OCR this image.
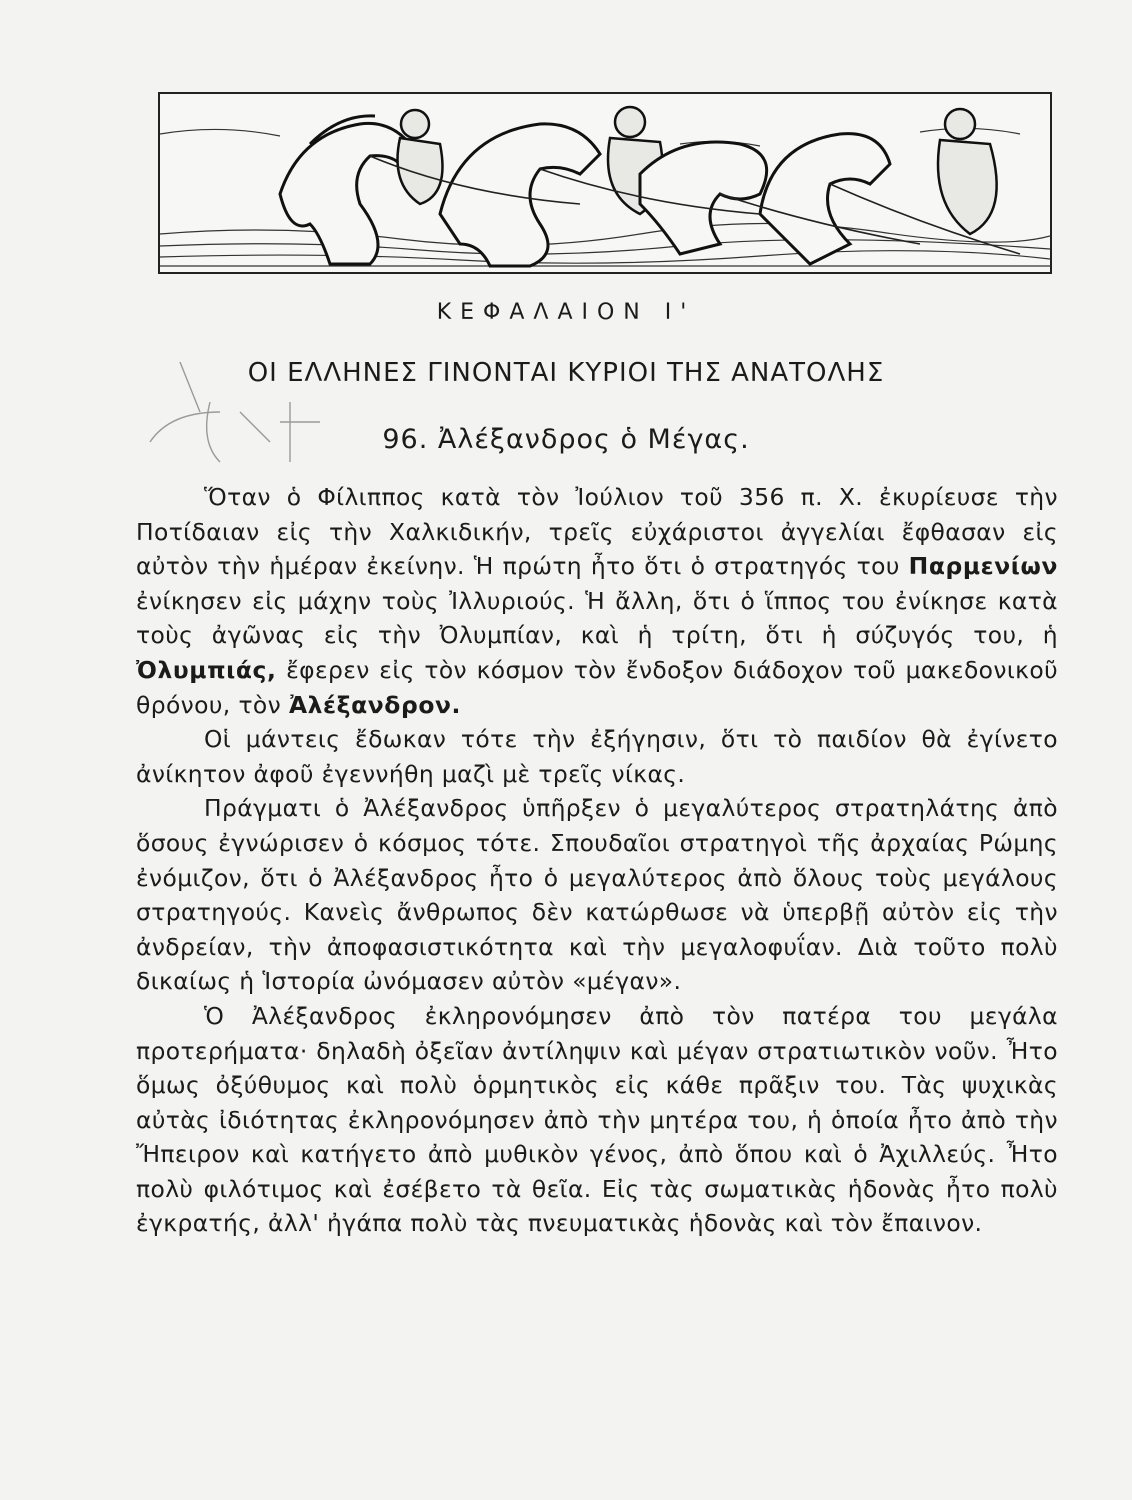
ΚΕΦΑΛΑΙΟΝ Ι'
ΟΙ ΕΛΛΗΝΕΣ ΓΙΝΟΝΤΑΙ ΚΥΡΙΟΙ ΤΗΣ ΑΝΑΤΟΛΗΣ
96. Ἀλέξανδρος ὁ Μέγας.

Ὅταν ὁ Φίλιππος κατὰ τὸν Ἰούλιον τοῦ 356 π. Χ. ἐκυρίευσε τὴν Ποτίδαιαν εἰς τὴν Χαλκιδικήν, τρεῖς εὐχάριστοι ἀγγελίαι ἔφθασαν εἰς αὐτὸν τὴν ἡμέραν ἐκείνην. Ἡ πρώτη ἦτο ὅτι ὁ στρατηγός του Παρμενίων ἐνίκησεν εἰς μάχην τοὺς Ἰλλυριούς. Ἡ ἄλλη, ὅτι ὁ ἵππος του ἐνίκησε κατὰ τοὺς ἀγῶνας εἰς τὴν Ὀλυμπίαν, καὶ ἡ τρίτη, ὅτι ἡ σύζυγός του, ἡ Ὀλυμπιάς, ἔφερεν εἰς τὸν κόσμον τὸν ἔνδοξον διάδοχον τοῦ μακεδονικοῦ θρόνου, τὸν Ἀλέξανδρον.

Οἱ μάντεις ἔδωκαν τότε τὴν ἐξήγησιν, ὅτι τὸ παιδίον θὰ ἐγίνετο ἀνίκητον ἀφοῦ ἐγεννήθη μαζὶ μὲ τρεῖς νίκας.

Πράγματι ὁ Ἀλέξανδρος ὑπῆρξεν ὁ μεγαλύτερος στρατηλάτης ἀπὸ ὅσους ἐγνώρισεν ὁ κόσμος τότε. Σπουδαῖοι στρατηγοὶ τῆς ἀρχαίας Ρώμης ἐνόμιζον, ὅτι ὁ Ἀλέξανδρος ἦτο ὁ μεγαλύτερος ἀπὸ ὅλους τοὺς μεγάλους στρατηγούς. Κανεὶς ἄνθρωπος δὲν κατώρθωσε νὰ ὑπερβῇ αὐτὸν εἰς τὴν ἀνδρείαν, τὴν ἀποφασιστικότητα καὶ τὴν μεγαλοφυΐαν. Διὰ τοῦτο πολὺ δικαίως ἡ Ἱστορία ὠνόμασεν αὐτὸν «μέγαν».

Ὁ Ἀλέξανδρος ἐκληρονόμησεν ἀπὸ τὸν πατέρα του μεγάλα προτερήματα· δηλαδὴ ὀξεῖαν ἀντίληψιν καὶ μέγαν στρατιωτικὸν νοῦν. Ἦτο ὅμως ὀξύθυμος καὶ πολὺ ὁρμητικὸς εἰς κάθε πρᾶξιν του. Τὰς ψυχικὰς αὐτὰς ἰδιότητας ἐκληρονόμησεν ἀπὸ τὴν μητέρα του, ἡ ὁποία ἦτο ἀπὸ τὴν Ἤπειρον καὶ κατήγετο ἀπὸ μυθικὸν γένος, ἀπὸ ὅπου καὶ ὁ Ἀχιλλεύς. Ἦτο πολὺ φιλότιμος καὶ ἐσέβετο τὰ θεῖα. Εἰς τὰς σωματικὰς ἡδονὰς ἦτο πολὺ ἐγκρατής, ἀλλ' ἠγάπα πολὺ τὰς πνευματικὰς ἡδονὰς καὶ τὸν ἔπαινον.
